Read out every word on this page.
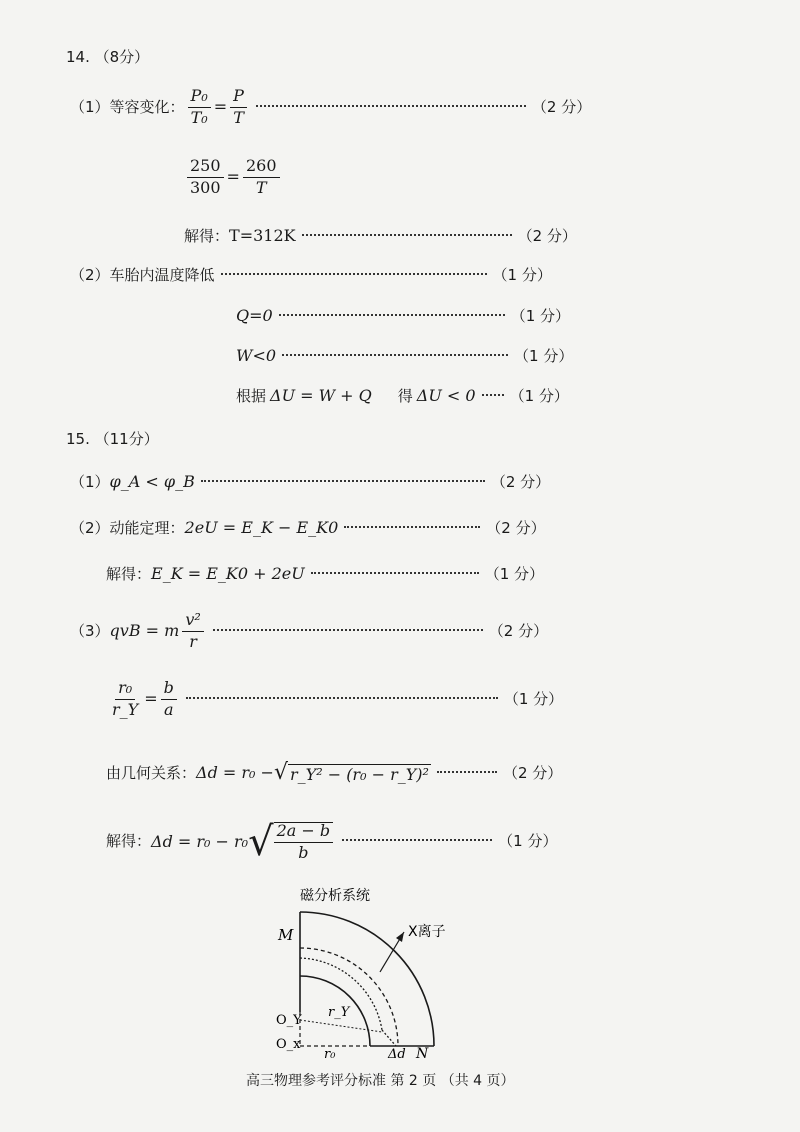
14. （8分）
（1）等容变化： $\frac{\text{P₀}}{\text{T₀}} = \frac{P}{T}$	（2 分）
$\frac{250}{300} = \frac{260}{T}$
解得： T=312K	（2 分）
（2）车胎内温度降低	（1 分）
Q=0	（1 分）
W<0	（1 分）
根据 ΔU = W + Q 得 ΔU < 0 （1 分）
15. （11分）
（1） φ_A < φ_B	（2 分）
（2）动能定理： 2eU = E_K − E_K0	（2 分）
解得： E_K = E_K0 + 2eU	（1 分）
（3） qvB = m $\frac{\text{v²}}{r}$	（2 分）
$\frac{\text{r₀}}{r\_Y} = \frac{b}{a}$	（1 分）
由几何关系： Δd = r₀ − √ r_Y² − (r₀ − r_Y)²	（2 分）
解得： Δd = r₀ − r₀ √ $\frac{2a - b}{b}$	（1 分）
磁分析系统
M	X离子
O_Y
O_x
r_Y
r₀	Δd N
高三物理参考评分标准 第 2 页 （共 4 页）
